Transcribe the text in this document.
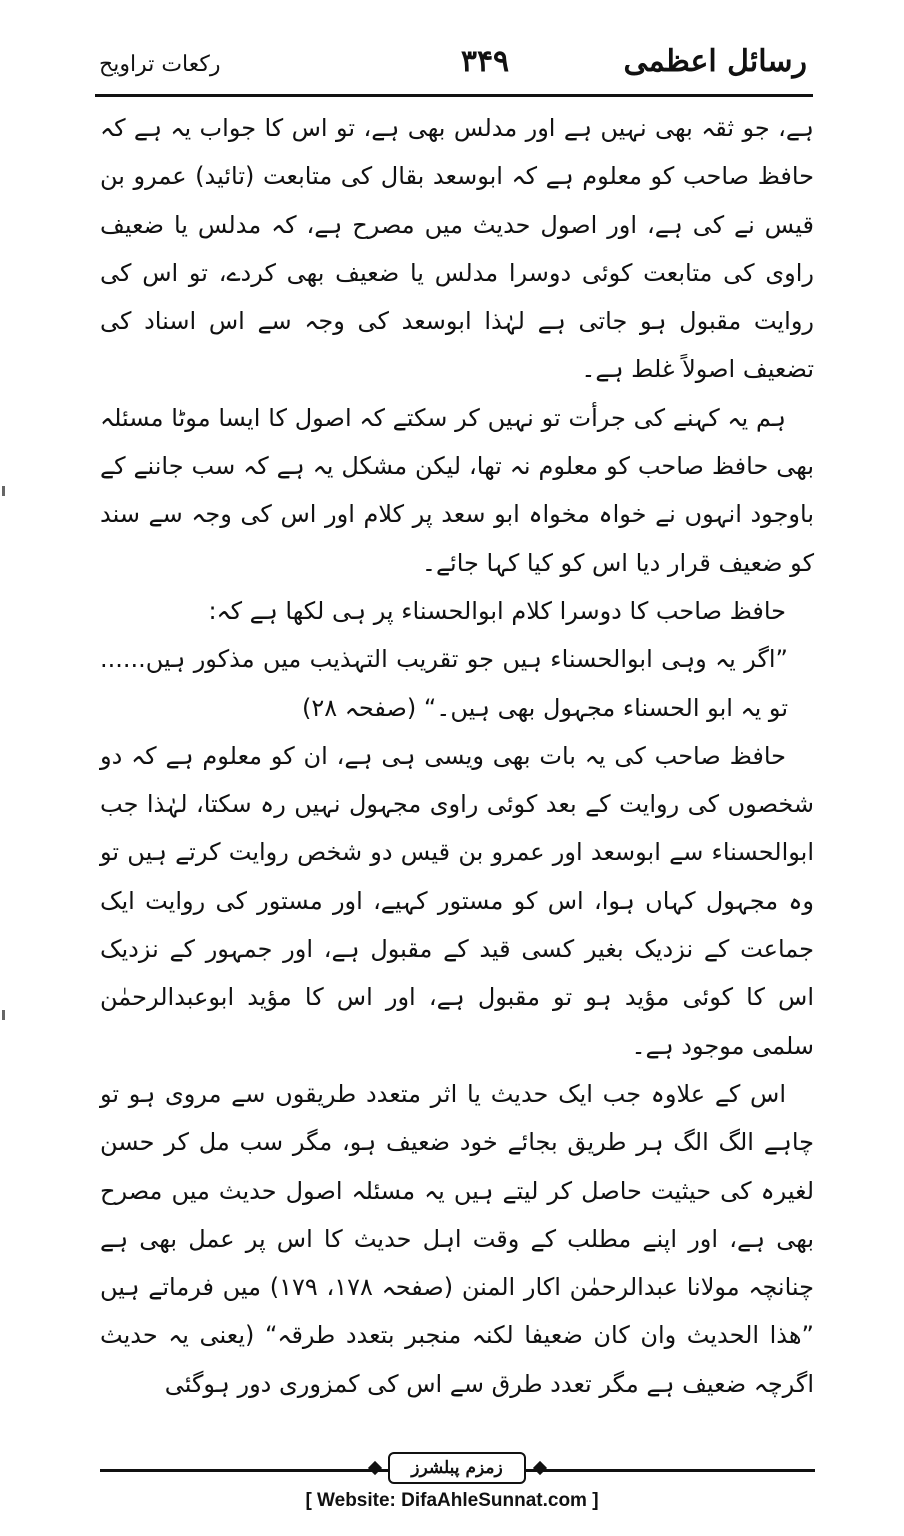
رسائل اعظمی
۳۴۹
رکعات تراویح

ہے، جو ثقہ بھی نہیں ہے اور مدلس بھی ہے، تو اس کا جواب یہ ہے کہ حافظ صاحب کو معلوم ہے کہ ابوسعد بقال کی متابعت (تائید) عمرو بن قیس نے کی ہے، اور اصول حدیث میں مصرح ہے، کہ مدلس یا ضعیف راوی کی متابعت کوئی دوسرا مدلس یا ضعیف بھی کردے، تو اس کی روایت مقبول ہو جاتی ہے لہٰذا ابوسعد کی وجہ سے اس اسناد کی تضعیف اصولاً غلط ہے۔

ہم یہ کہنے کی جرأت تو نہیں کر سکتے کہ اصول کا ایسا موٹا مسئلہ بھی حافظ صاحب کو معلوم نہ تھا، لیکن مشکل یہ ہے کہ سب جاننے کے باوجود انہوں نے خواہ مخواہ ابو سعد پر کلام اور اس کی وجہ سے سند کو ضعیف قرار دیا اس کو کیا کہا جائے۔

حافظ صاحب کا دوسرا کلام ابوالحسناء پر ہی لکھا ہے کہ:

”اگر یہ وہی ابوالحسناء ہیں جو تقریب التہذیب میں مذکور ہیں...... تو یہ ابو الحسناء مجہول بھی ہیں۔“ (صفحہ ۲۸)

حافظ صاحب کی یہ بات بھی ویسی ہی ہے، ان کو معلوم ہے کہ دو شخصوں کی روایت کے بعد کوئی راوی مجہول نہیں رہ سکتا، لہٰذا جب ابوالحسناء سے ابوسعد اور عمرو بن قیس دو شخص روایت کرتے ہیں تو وہ مجہول کہاں ہوا، اس کو مستور کہیے، اور مستور کی روایت ایک جماعت کے نزدیک بغیر کسی قید کے مقبول ہے، اور جمہور کے نزدیک اس کا کوئی مؤید ہو تو مقبول ہے، اور اس کا مؤید ابوعبدالرحمٰن سلمی موجود ہے۔

اس کے علاوہ جب ایک حدیث یا اثر متعدد طریقوں سے مروی ہو تو چاہے الگ الگ ہر طریق بجائے خود ضعیف ہو، مگر سب مل کر حسن لغیرہ کی حیثیت حاصل کر لیتے ہیں یہ مسئلہ اصول حدیث میں مصرح بھی ہے، اور اپنے مطلب کے وقت اہل حدیث کا اس پر عمل بھی ہے چنانچہ مولانا عبدالرحمٰن اکار المنن (صفحہ ۱۷۸، ۱۷۹) میں فرماتے ہیں ”ھذا الحدیث وان کان ضعیفا لکنہ منجبر بتعدد طرقہ“ (یعنی یہ حدیث اگرچہ ضعیف ہے مگر تعدد طرق سے اس کی کمزوری دور ہوگئی

زمزم پبلشرز
[ Website: DifaAhleSunnat.com ]
